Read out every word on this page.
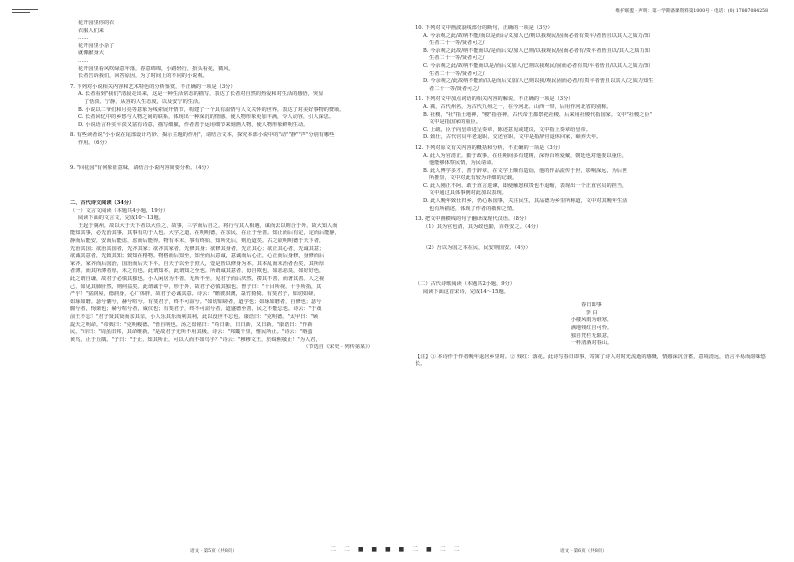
维护联盟 · 声明：第一学期备课资料第1000号 · 电话：(0) 17887084258
花开园里你的衣
衣服人们来
……
花开园里小杂了
就像献身大
……
花开园里看风吹绿意年落，春意绵绵，小路轻行，抬头看花，微风。
长者告诉我们，回答原因，为了时间上的不同的小说观。
7. 下列对小说相关内容和艺术特色的分析鉴赏，不正确的一项是（3分）
A. 长者看到"我们"清晨走出来，这是一种生活常态的描写，表达了长者对自然的热爱和对生活的感悟，突显
了恬淡、宁静、从容的人生态度，以及安宁的生活。
B. 小说以二爷们和月亮等意象为线索展开情节，构建了一个具有温情与人文关怀的世界，表达了对美好事物的赞颂。
C. 长者回忆中的乡愁与人物之间的联系，体现出一种深沉的情感，使人物形象更加丰满，令人动容，引人深思。
D. 小说语言朴实平淡又富有诗意，描写细腻，作者善于运用细节来刻画人物，使人物形象鲜明生动。
8. 有些读者说"小小说在尾部设计巧妙、揭示主题的作用"，请结合文本，探究本部小说中的"动""静""声"分别有哪些
作用。（6分）
9. "回花园"有何象征意味，请结合小说内容简要分析。（4分）
二、古代诗文阅读（34分）
（一）文言文阅读（本题共4小题，19分）
阅读下面的文言文，完成10～13题。
王起于冀州，故以大于天下者以大任之，故事，三学而后自之，将行与其人相遇，谋而去以则合于外，故大知人而
能知其事，必先治其事，其事有功于人也。大学之道，在明明德，在亲民，在止于至善。知止而后有定，定而后能静，
静而后能安，安而后能虑，虑而后能得。物有本末，事有终始，知所先后，则近道矣。古之欲明明德于天下者，
先治其国；欲治其国者，先齐其家；欲齐其家者，先修其身；欲修其身者，先正其心；欲正其心者，先诚其意；
欲诚其意者，先致其知；致知在格物。物格而后知至，知至而后意诚，意诚而后心正，心正而后身修，身修而后
家齐，家齐而后国治，国治而后天下平。自天子以至于庶人，壹是皆以修身为本。其本乱而末治者否矣，其所厚
者薄，而其所薄者厚，未之有也。此谓知本，此谓知之至也。所谓诚其意者，毋自欺也，如恶恶臭，如好好色，
此之谓自谦，故君子必慎其独也。小人闲居为不善，无所不至，见君子而后厌然，揜其不善，而著其善。人之视
己，如见其肺肝然，则何益矣。此谓诚于中，形于外，故君子必慎其独也。曾子曰："十目所视，十手所指，其
严乎！"富润屋，德润身，心广体胖，故君子必诚其意。诗云："瞻彼淇澳，菉竹猗猗。有斐君子，如切如磋，
如琢如磨。瑟兮僩兮，赫兮喧兮。有斐君子，终不可諠兮。"如切如磋者，道学也；如琢如磨者，自修也；瑟兮
僩兮者，恂栗也；赫兮喧兮者，威仪也；有斐君子，终不可諠兮者，道盛德至善，民之不能忘也。诗云："于戏
前王不忘！"君子贤其贤而亲其亲，小人乐其乐而利其利，此以没世不忘也。康诰曰："克明德。"太甲曰："顾
諟天之明命。"帝典曰："克明峻德。"皆自明也。汤之盘铭曰："苟日新，日日新，又日新。"康诰曰："作新
民。"诗曰："周虽旧邦，其命维新。"是故君子无所不用其极。诗云："邦畿千里，惟民所止。"诗云："缗蛮
黄鸟，止于丘隅。"子曰："于止，知其所止，可以人而不如鸟乎？"诗云："穆穆文王，於缉熙敬止！"为人君，
（节选自《宋史 · 列传第某》）
10. 下列对文中画波浪线部分的断句，正确的一项是（3分）
A. 今余观之此/故纳不能/而以是而后/义加人已/则以我观民/固而必者有贵平/者皆且以其人之质力/知
生者二十一等/贤者可之/
B. 今余观之此故/纳不能而以/是而后义/加人已则/以我观民/固而必者有/贵平者皆且以/其人之质力知
生者二十一等/贤者可之/
C. 今余观之此/故纳不能而以是/而后义加人/已则以我观民/固而必者有贵/平者皆且/以其人之质力/知
生者二十一等/贤者可之/
D. 今余观之/此故纳不能而/以是而后义加/人已则以我/观民固而必者/有贵平者皆且以其人/之质力知生
者二十一等/贤者可之/
11. 下列对文中加点词语的相关内容的解说，不正确的一项是（3分）
A. 冀，古代州名，为古代九州之一，在今河北、山西一带，后用作河北省的别称。
B. 社稷，"社"指土地神，"稷"指谷神，古代帝王都祭祀社稷，后来用社稷代指国家。文中"社稷之臣"
文中是指国家的重臣。
C. 上疏，臣子向皇帝进呈奏章，陈述意见或建议，文中指上奏章给皇帝。
D. 致仕，古代官员年老退职，交还官职，文中是指辞官退休回家，颐养天年。
12. 下列对原文有关内容的概括和分析，不正确的一项是（3分）
A. 此人为官清正，勤于政事，在任期间多有建树，深得百姓爱戴，朝廷也对他委以重任，
他能够体察民情，为民请命。
B. 此人博学多才，善于辞章，在文学上颇有造诣，他的作品流传于世，影响深远，为后世
所推崇，文中对此有较为详细的记载。
C. 此人刚正不阿，敢于直言进谏，即使触怒权贵也不退缩，表现出一个正直官员的担当，
文中通过具体事例对此加以表现。
D. 此人晚年致仕归乡，仍心系国事，关注民生，其品德为乡里所称道，文中对其晚年生活
也有所描述，体现了作者的敬仰之情。
13. 把文中画横线的句子翻译成现代汉语。（8分）
（1）其为官也清，其为政也勤，百姓安之。（4分）
（2）吾以为国之本在民，民安则国安。（4分）
（二）古代诗歌阅读（本题共2小题，9分）
阅读下面这首宋诗，完成14～15题。
春日即事
李 白
小楼风雨为谁寒，
满地残红自可怜。
独自凭栏无限意，
一杯清酒对春山。
【注】① 本诗作于作者晚年退居乡里时。② 残红：落花。此诗写春日即事，寄寓了诗人对时光流逝的感慨，情感深沉含蓄，意境清远，语言平易而韵味悠长。
语文 · 第5页（共8页）	二 二 ■ ■ ■ ■ 二 ■ 二 二	语文 · 第6页（共8页）
